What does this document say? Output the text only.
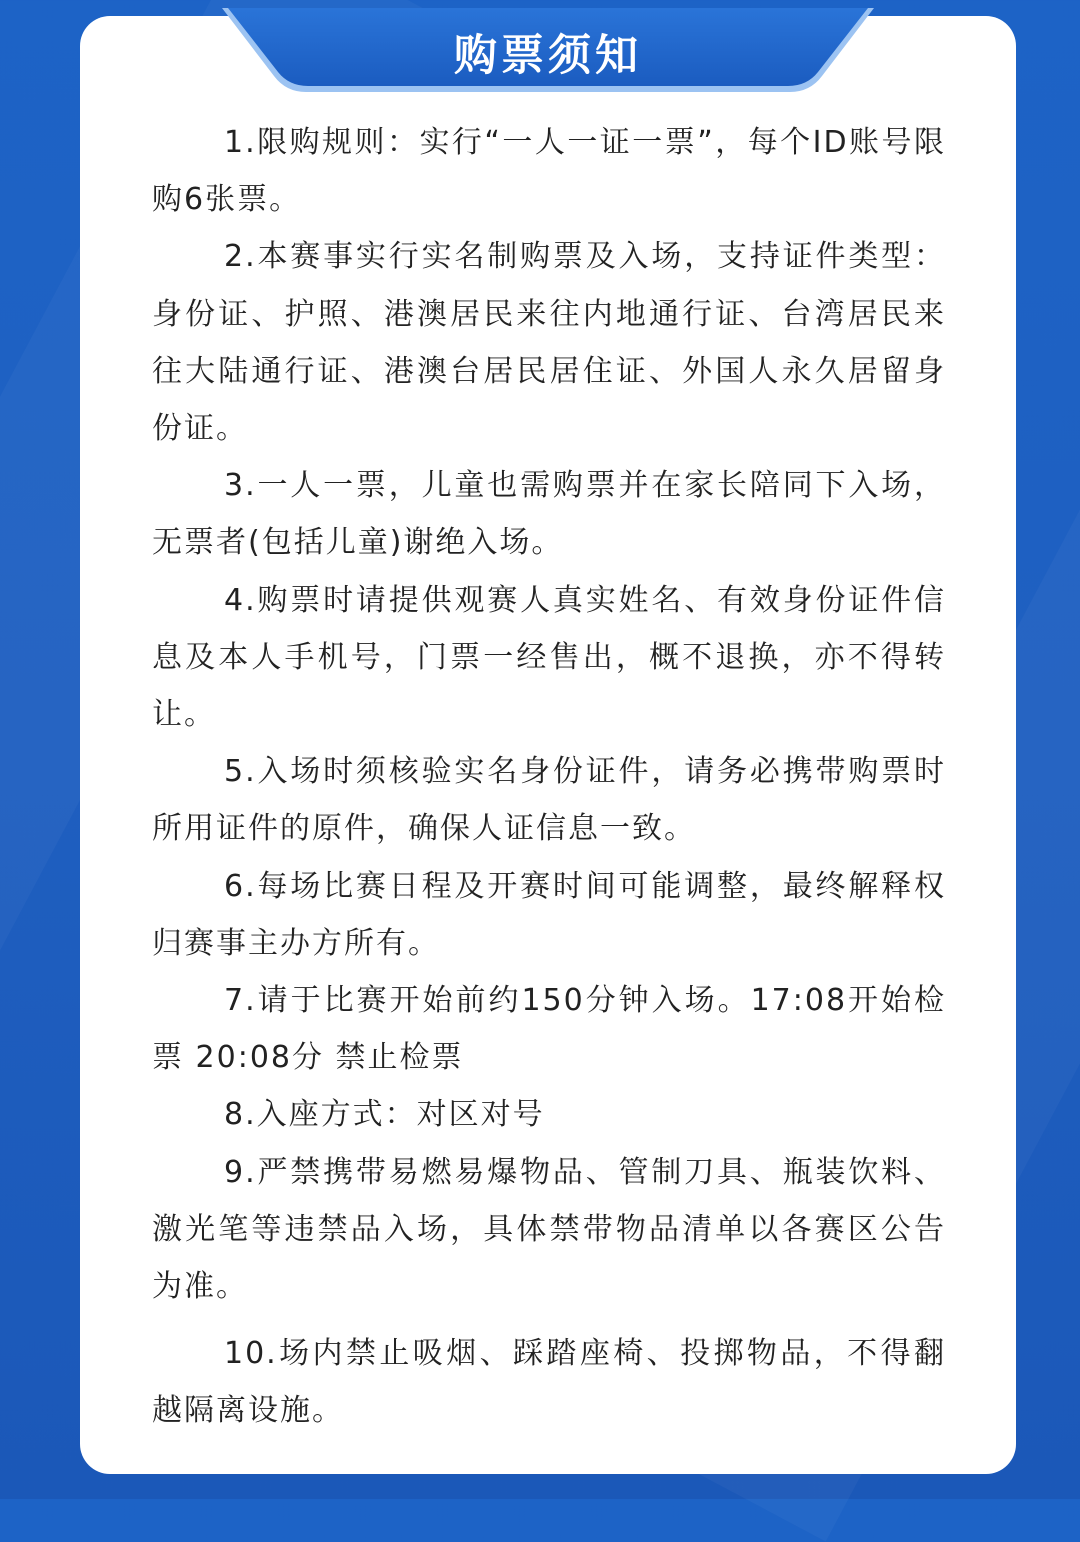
购票须知

1.限购规则：实行“一人一证一票”，每个ID账号限购6张票。

2.本赛事实行实名制购票及入场，支持证件类型：身份证、护照、港澳居民来往内地通行证、台湾居民来往大陆通行证、港澳台居民居住证、外国人永久居留身份证。

3.一人一票，儿童也需购票并在家长陪同下入场，无票者(包括儿童)谢绝入场。

4.购票时请提供观赛人真实姓名、有效身份证件信息及本人手机号，门票一经售出，概不退换，亦不得转让。

5.入场时须核验实名身份证件，请务必携带购票时所用证件的原件，确保人证信息一致。

6.每场比赛日程及开赛时间可能调整，最终解释权归赛事主办方所有。

7.请于比赛开始前约150分钟入场。17:08开始检票 20:08分 禁止检票

8.入座方式：对区对号

9.严禁携带易燃易爆物品、管制刀具、瓶装饮料、激光笔等违禁品入场，具体禁带物品清单以各赛区公告为准。

10.场内禁止吸烟、踩踏座椅、投掷物品，不得翻越隔离设施。
